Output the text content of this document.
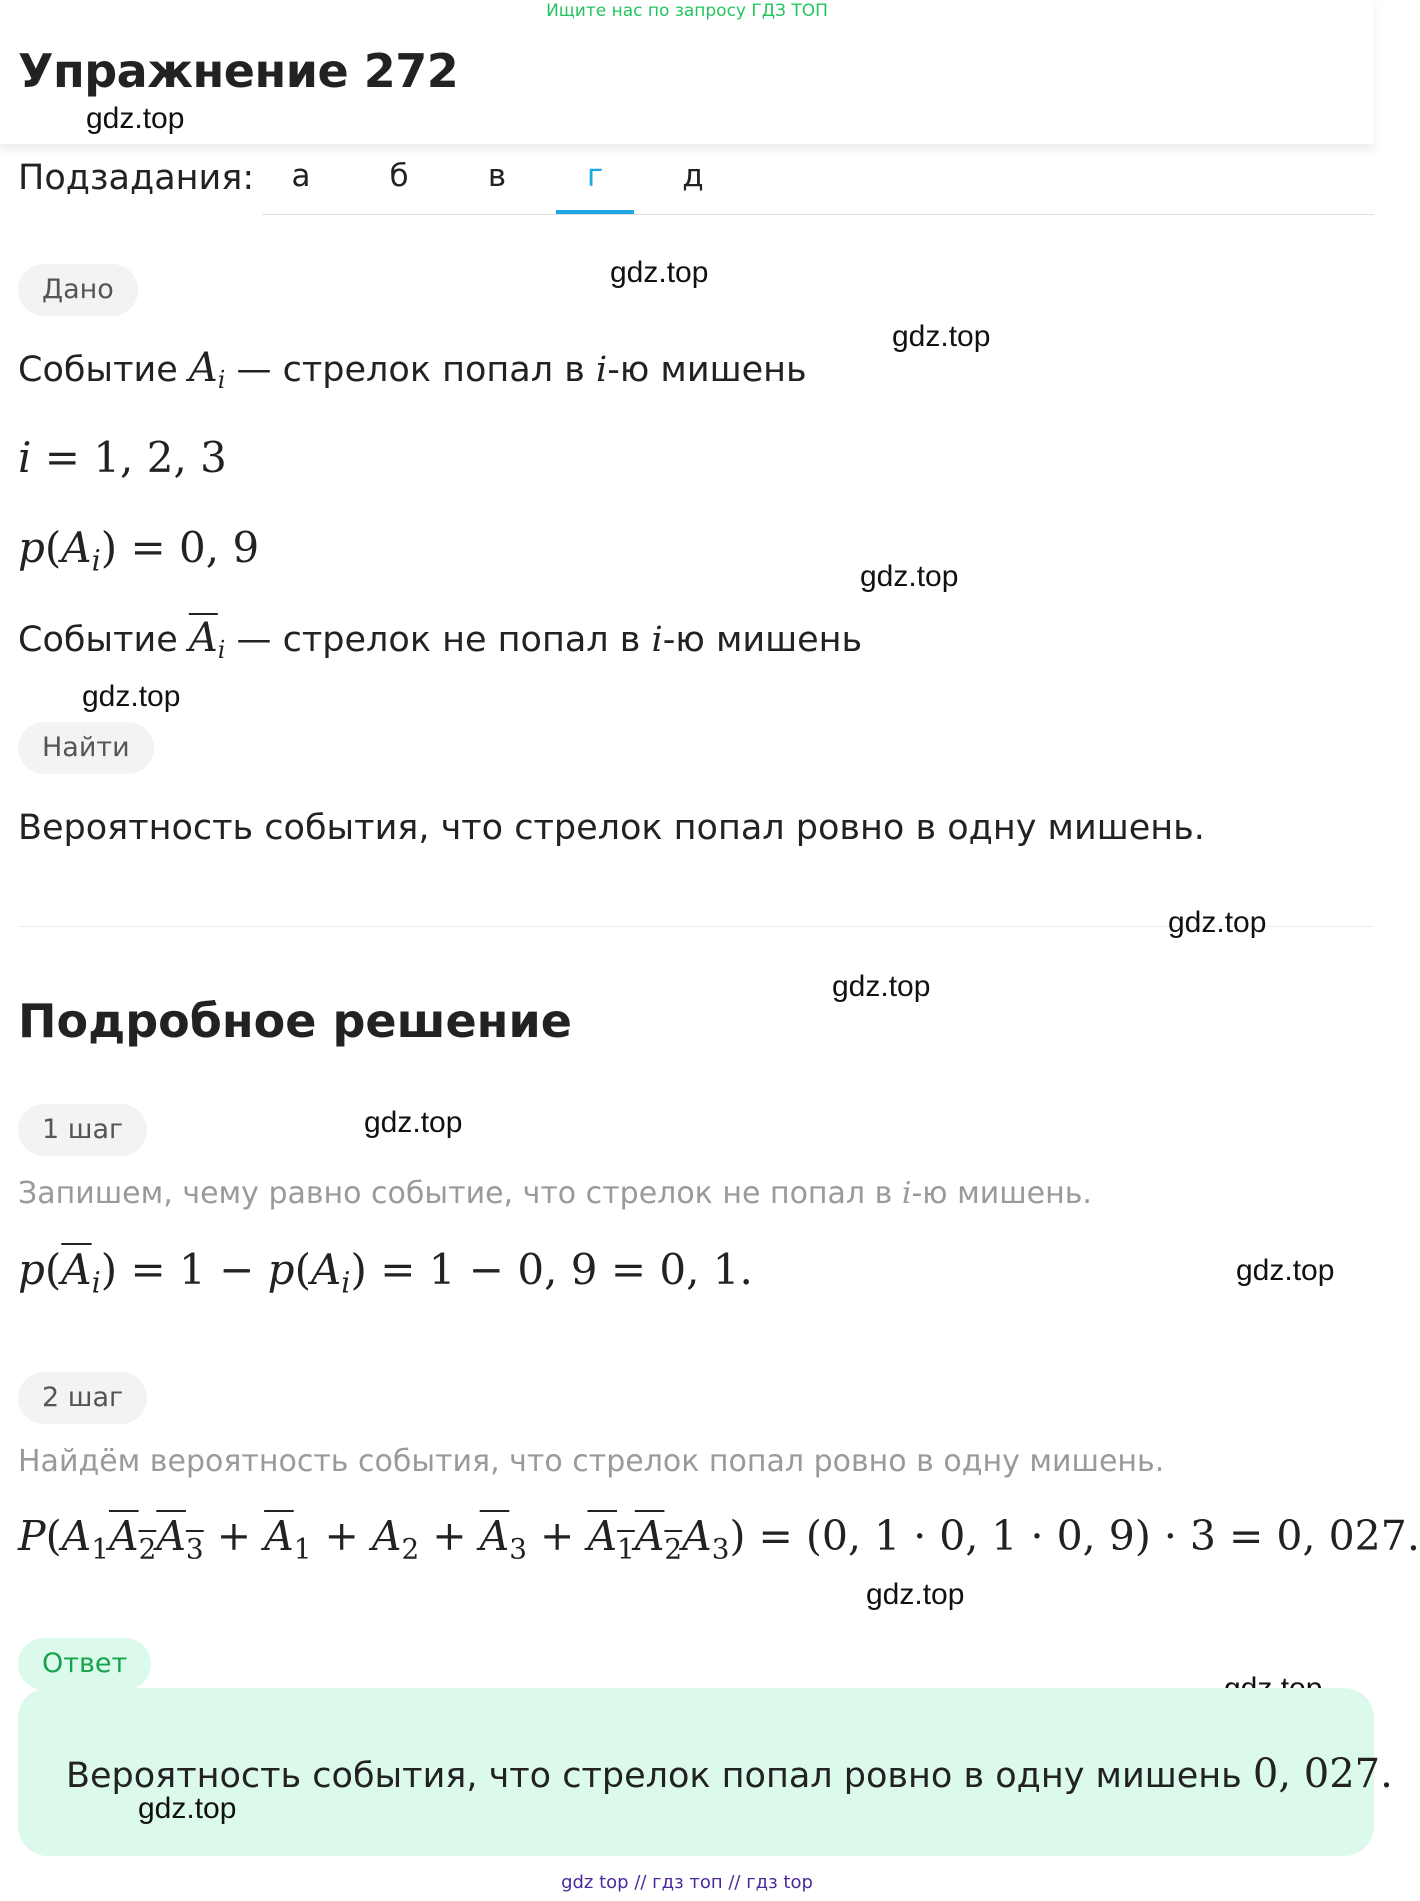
Ищите нас по запросу ГДЗ ТОП
Упражнение 272
gdz.top
Подзадания:	а	б	в	г	д
Дано
gdz.top
gdz.top
Событие $A_i$ — стрелок попал в i-ю мишень
i = 1, 2, 3
$p(A_i) = 0$, 9
gdz.top
Событие $\overline{A}_i$ — стрелок не попал в i-ю мишень
gdz.top
Найти
Вероятность события, что стрелок попал ровно в одну мишень.
gdz.top
gdz.top
Подробное решение
1 шаг	gdz.top
Запишем, чему равно событие, что стрелок не попал в i-ю мишень.
$p(\overline{A}_i) = 1 - p(A_i) = 1 - 0$, 9 = 0, 1.	gdz.top
2 шаг
Найдём вероятность события, что стрелок попал ровно в одну мишень.
$P(A_1A_2A_3 + \overline{A}_1 + A_2 + \overline{A}_3 + A_1A_2A_3) = (0$, 1 · 0, 1 · 0, 9) · 3 = 0, 027.
gdz.top
Ответ
Вероятность события, что стрелок попал ровно в одну мишень 0, 027.
gdz.top
gdz top // гдз топ // гдз top
